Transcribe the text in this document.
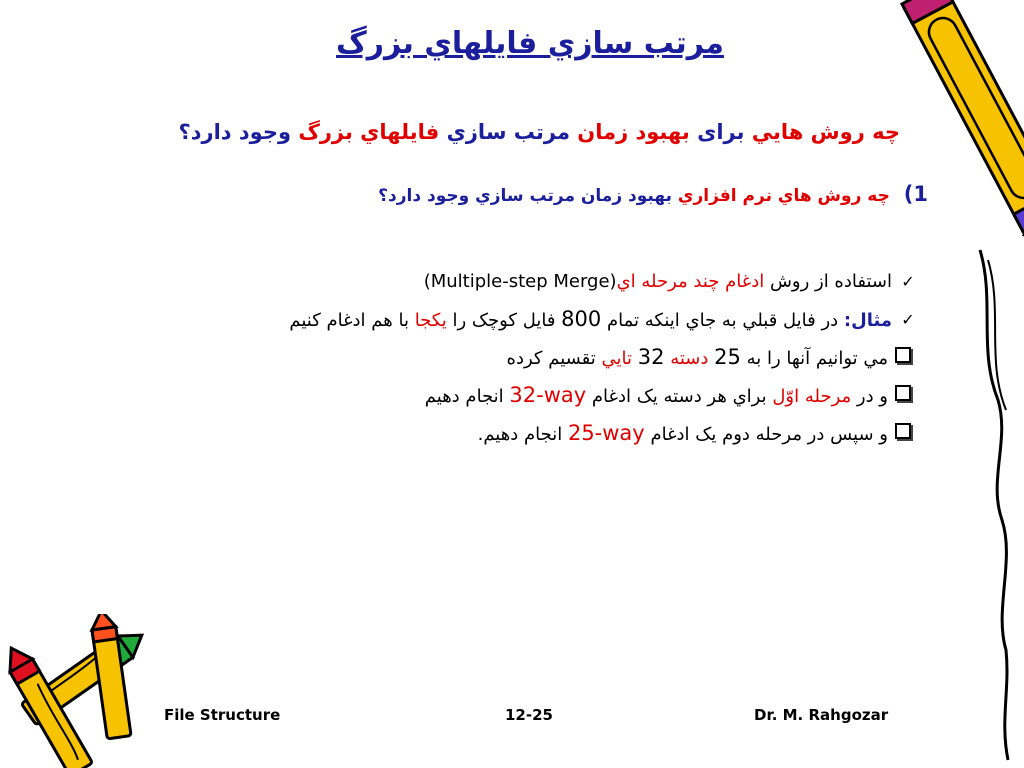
مرتب سازي فايلهاي بزرگ

چه روش هايي برای بهبود زمان مرتب سازي فايلهاي بزرگ وجود دارد؟

1) چه روش هاي نرم افزاري بهبود زمان مرتب سازي وجود دارد؟

✓
استفاده از روش ادغام چند مرحله اي (Multiple-step Merge)
✓
مثال: در فايل قبلي به جاي اينکه تمام 800 فايل کوچک را يکجا با هم ادغام کنيم
مي توانيم آنها را به 25 دسته 32 تايي تقسيم کرده
و در مرحله اوّل براي هر دسته يک ادغام 32-way انجام دهيم
و سپس در مرحله دوم يک ادغام 25-way انجام دهيم.
File Structure	12-25	Dr. M. Rahgozar
